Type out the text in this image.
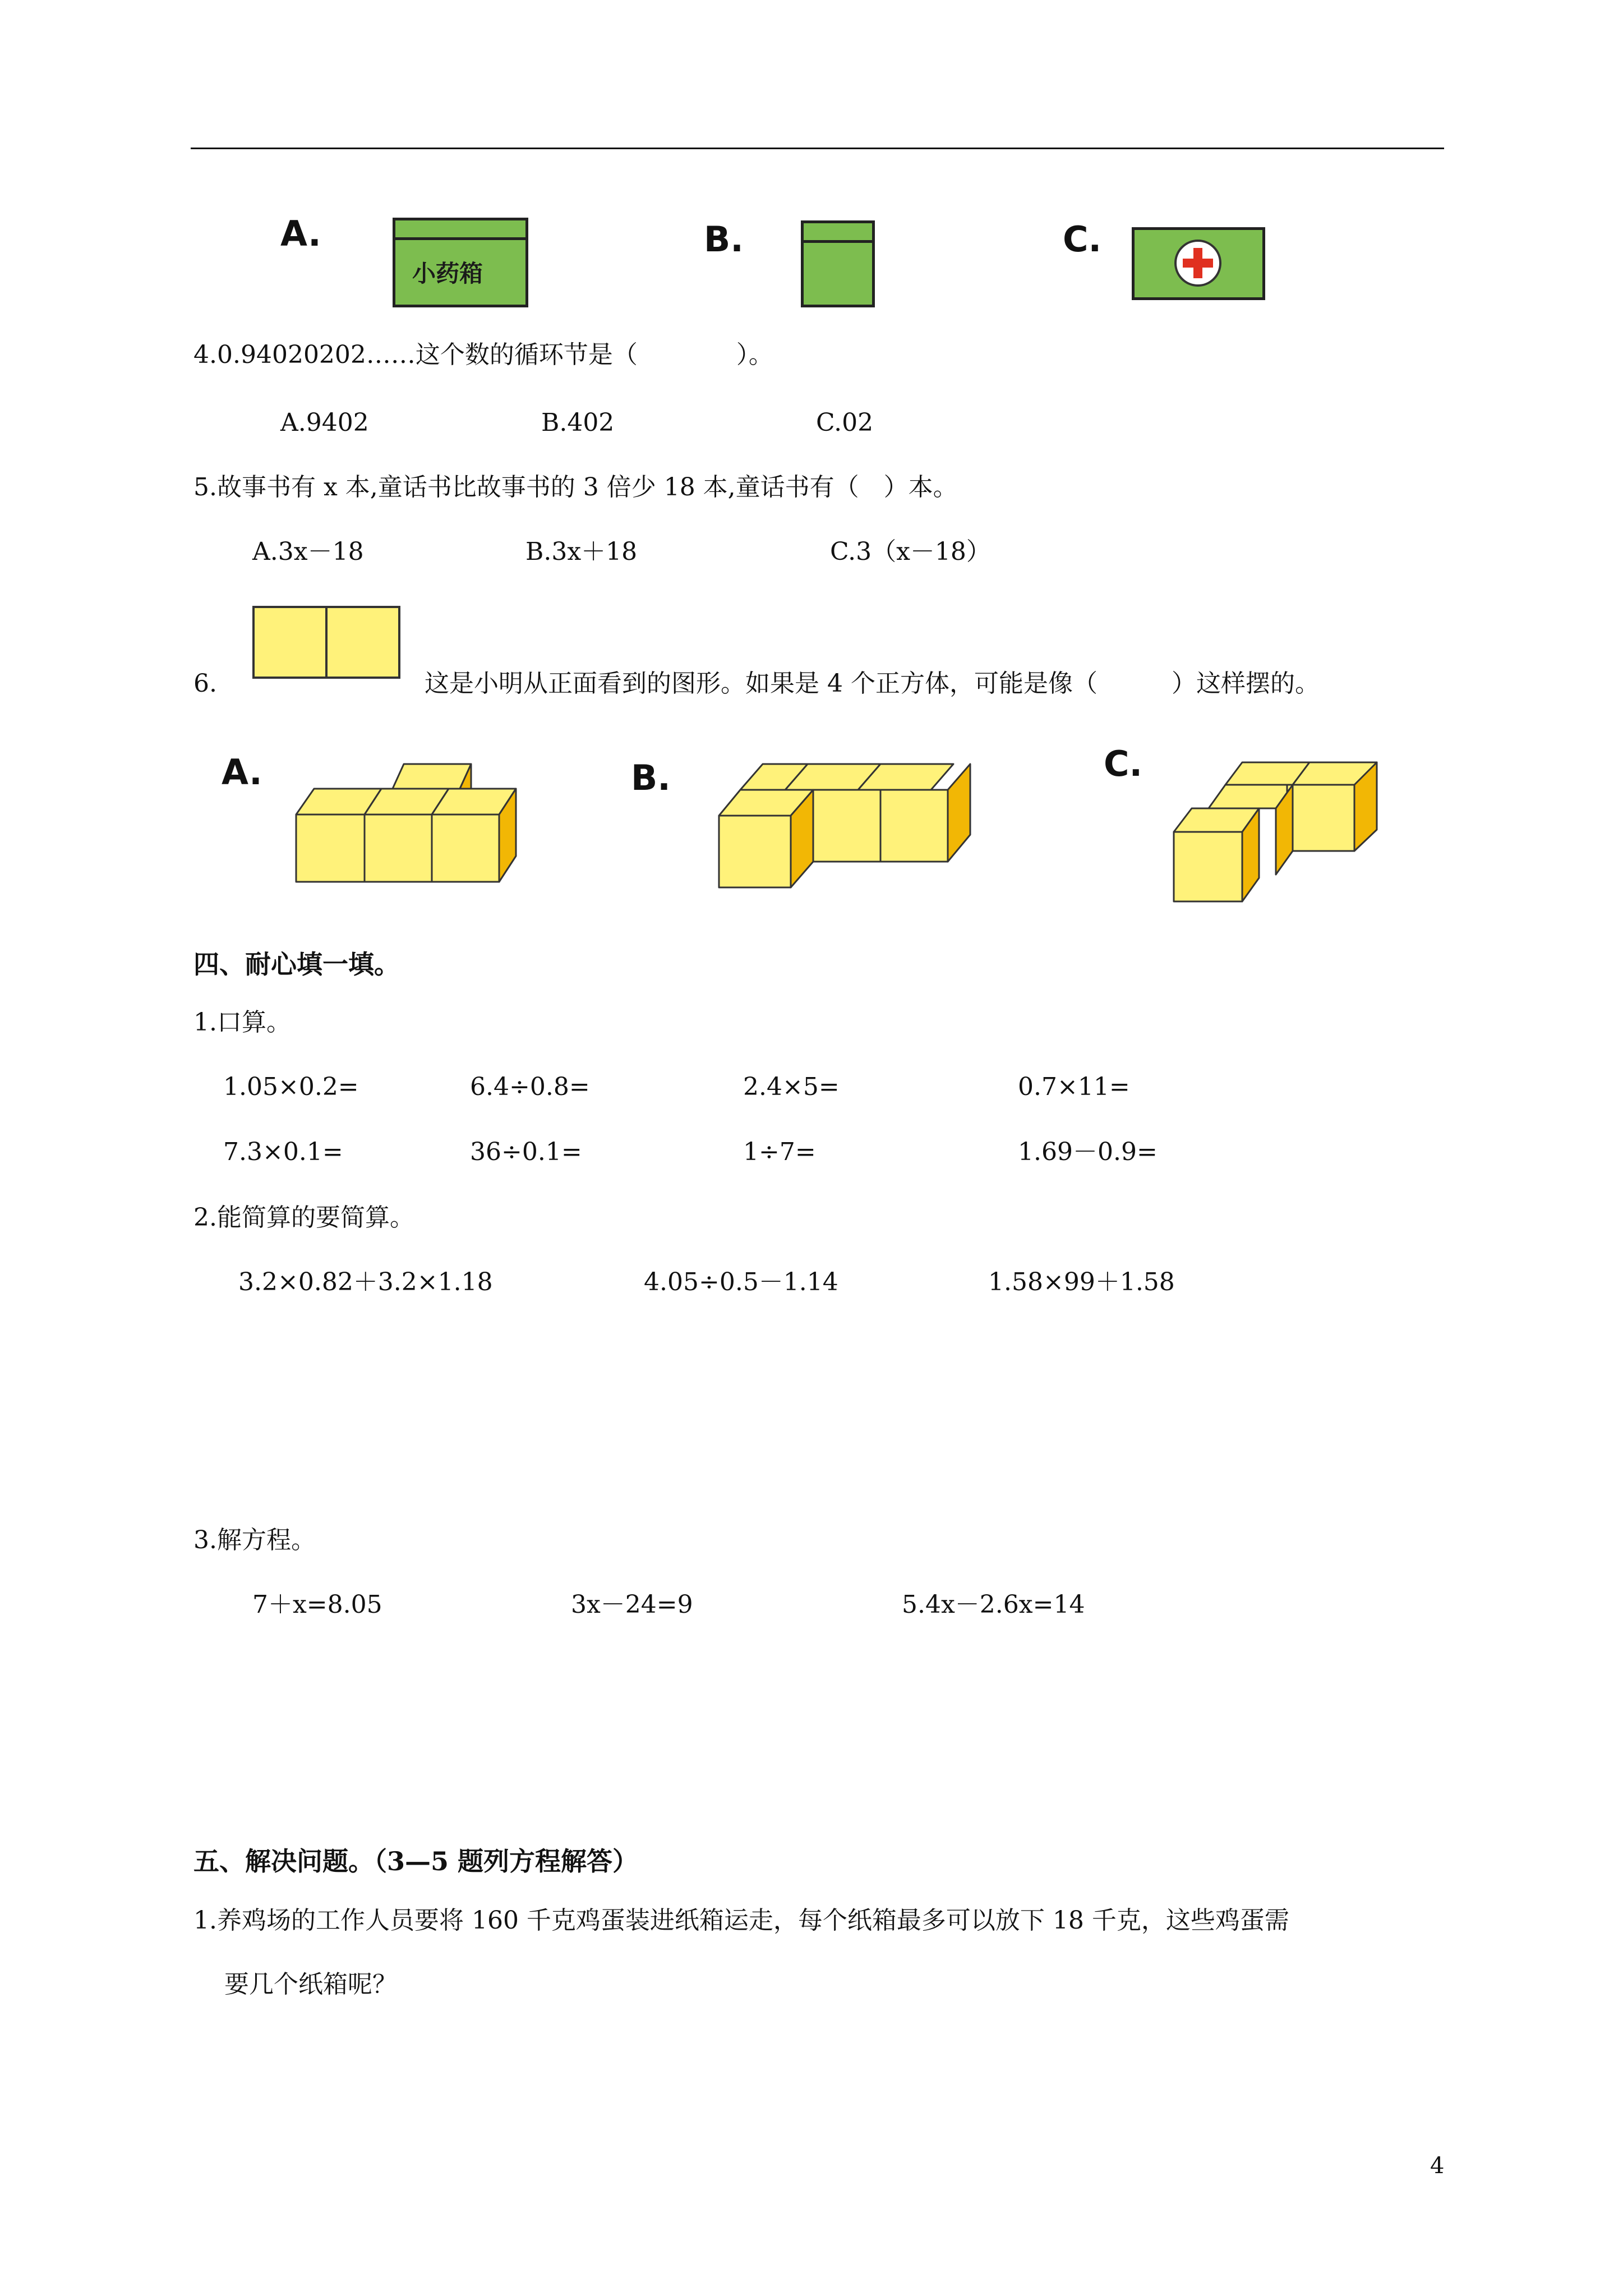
A.
小药箱
B.	C.
4.0.94020202……这个数的循环节是（　　　　）。
A.9402	B.402	C.02
5.故事书有 x 本,童话书比故事书的 3 倍少 18 本,童话书有（　）本。
A.3x－18	B.3x＋18	C.3（x－18）
6.	这是小明从正面看到的图形。如果是 4 个正方体，可能是像（　　　）这样摆的。
A.	B.	C.
四、耐心填一填。
1.口算。
1.05×0.2=	6.4÷0.8=	2.4×5=	0.7×11=
7.3×0.1=	36÷0.1=	1÷7=	1.69－0.9=
2.能简算的要简算。
3.2×0.82＋3.2×1.18	4.05÷0.5－1.14	1.58×99＋1.58
3.解方程。
7＋x=8.05	3x－24=9	5.4x－2.6x=14
五、解决问题。（3—5 题列方程解答）
1.养鸡场的工作人员要将 160 千克鸡蛋装进纸箱运走，每个纸箱最多可以放下 18 千克，这些鸡蛋需
要几个纸箱呢？
4
